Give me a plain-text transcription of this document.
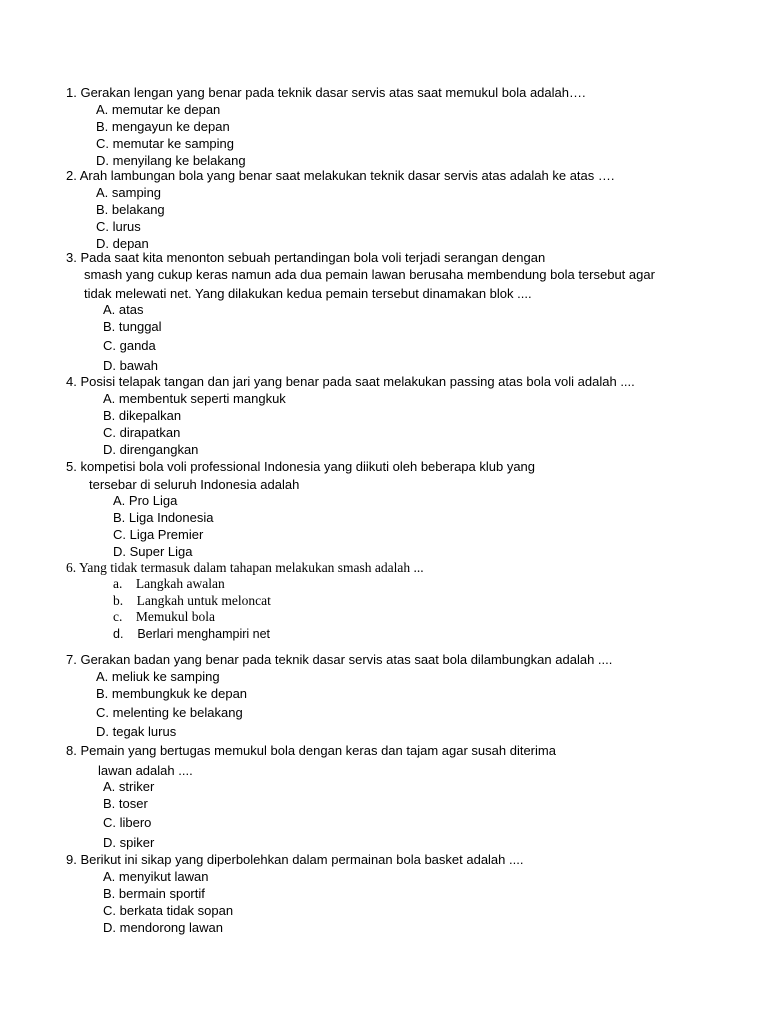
1. Gerakan lengan yang benar pada teknik dasar servis atas saat memukul bola adalah….
A. memutar ke depan
B. mengayun ke depan
C. memutar ke samping
D. menyilang ke belakang
2. Arah lambungan bola yang benar saat melakukan teknik dasar servis atas adalah ke atas ….
A. samping
B. belakang
C. lurus
D. depan
3. Pada saat kita menonton sebuah pertandingan bola voli terjadi serangan dengan
smash yang cukup keras namun ada dua pemain lawan berusaha membendung bola tersebut agar
tidak melewati net. Yang dilakukan kedua pemain tersebut dinamakan blok ....
A. atas
B. tunggal
C. ganda
D. bawah
4. Posisi telapak tangan dan jari yang benar pada saat melakukan passing atas bola voli adalah ....
A. membentuk seperti mangkuk
B. dikepalkan
C. dirapatkan
D. direngangkan
5. kompetisi bola voli professional Indonesia yang diikuti oleh beberapa klub yang
tersebar di seluruh Indonesia adalah
A. Pro Liga
B. Liga Indonesia
C. Liga Premier
D. Super Liga
6. Yang tidak termasuk dalam tahapan melakukan smash adalah ...
a.    Langkah awalan
b.    Langkah untuk meloncat
c.    Memukul bola
d.    Berlari menghampiri net
7. Gerakan badan yang benar pada teknik dasar servis atas saat bola dilambungkan adalah ....
A. meliuk ke samping
B. membungkuk ke depan
C. melenting ke belakang
D. tegak lurus
8. Pemain yang bertugas memukul bola dengan keras dan tajam agar susah diterima
lawan adalah ....
A. striker
B. toser
C. libero
D. spiker
9. Berikut ini sikap yang diperbolehkan dalam permainan bola basket adalah ....
A. menyikut lawan
B. bermain sportif
C. berkata tidak sopan
D. mendorong lawan
